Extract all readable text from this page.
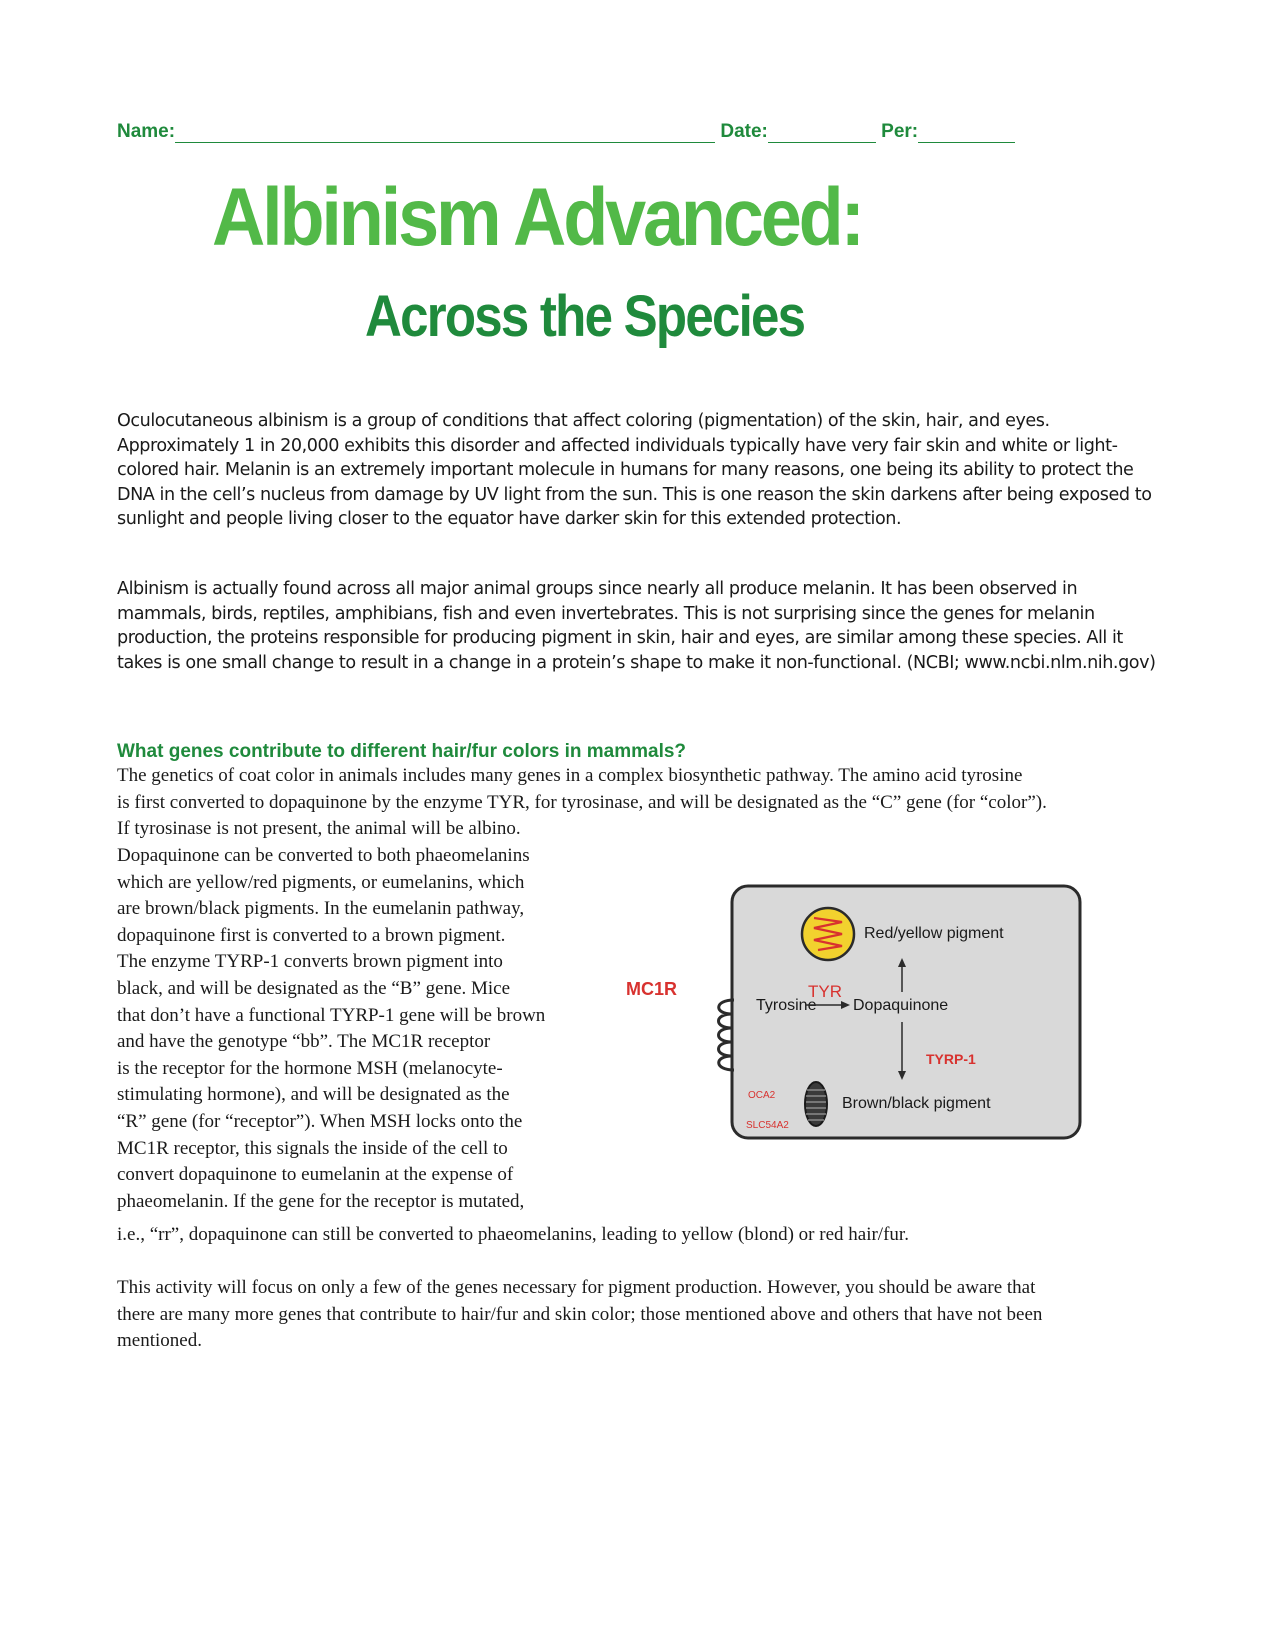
Name:	Date:	Per:
Albinism Advanced:
Across the Species

Oculocutaneous albinism is a group of conditions that affect coloring (pigmentation) of the skin, hair, and eyes. Approximately 1 in 20,000 exhibits this disorder and affected individuals typically have very fair skin and white or light-colored hair. Melanin is an extremely important molecule in humans for many reasons, one being its ability to protect the DNA in the cell’s nucleus from damage by UV light from the sun. This is one reason the skin darkens after being exposed to sunlight and people living closer to the equator have darker skin for this extended protection.

Albinism is actually found across all major animal groups since nearly all produce melanin. It has been observed in mammals, birds, reptiles, amphibians, fish and even invertebrates. This is not surprising since the genes for melanin production, the proteins responsible for producing pigment in skin, hair and eyes, are similar among these species. All it takes is one small change to result in a change in a protein’s shape to make it non-functional. (NCBI; www.ncbi.nlm.nih.gov)

What genes contribute to different hair/fur colors in mammals?
The genetics of coat color in animals includes many genes in a complex biosynthetic pathway. The amino acid tyrosine
is first converted to dopaquinone by the enzyme TYR, for tyrosinase, and will be designated as the “C” gene (for “color”).
If tyrosinase is not present, the animal will be albino.
Dopaquinone can be converted to both phaeomelanins
which are yellow/red pigments, or eumelanins, which
are brown/black pigments. In the eumelanin pathway,
dopaquinone first is converted to a brown pigment.
The enzyme TYRP-1 converts brown pigment into
black, and will be designated as the “B” gene. Mice
that don’t have a functional TYRP-1 gene will be brown
and have the genotype “bb”. The MC1R receptor
is the receptor for the hormone MSH (melanocyte-
stimulating hormone), and will be designated as the
“R” gene (for “receptor”). When MSH locks onto the
MC1R receptor, this signals the inside of the cell to
convert dopaquinone to eumelanin at the expense of
phaeomelanin. If the gene for the receptor is mutated,
i.e., “rr”, dopaquinone can still be converted to phaeomelanins, leading to yellow (blond) or red hair/fur.
This activity will focus on only a few of the genes necessary for pigment production. However, you should be aware that
there are many more genes that contribute to hair/fur and skin color; those mentioned above and others that have not been
mentioned.
MC1R
Red/yellow pigment
Tyrosine
TYR
Dopaquinone
TYRP-1
OCA2
SLC54A2
Brown/black pigment
